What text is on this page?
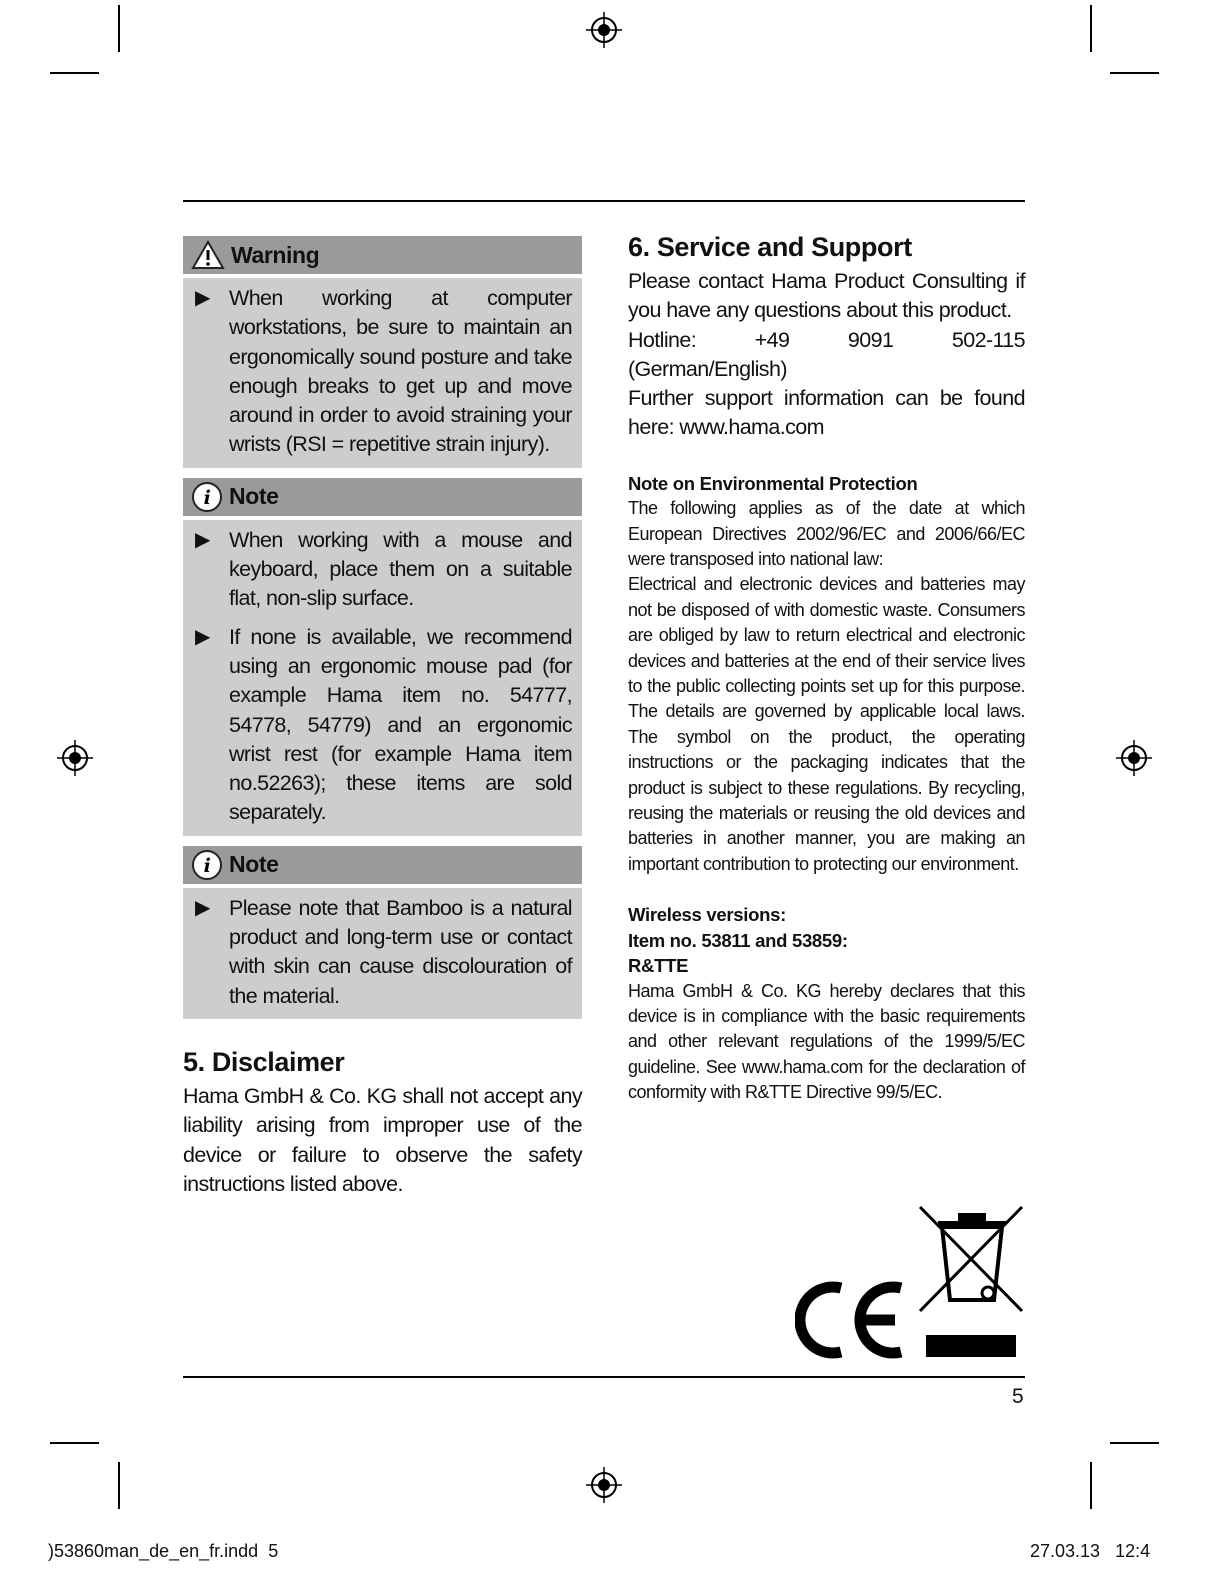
Warning
▶ When working at computer workstations, be sure to maintain an ergonomically sound posture and take enough breaks to get up and move around in order to avoid straining your wrists (RSI = repetitive strain injury).
i Note
▶ When working with a mouse and keyboard, place them on a suitable flat, non-slip surface.
▶ If none is available, we recommend using an ergonomic mouse pad (for example Hama item no. 54777, 54778, 54779) and an ergonomic wrist rest (for example Hama item no.52263); these items are sold separately.
i Note
▶ Please note that Bamboo is a natural product and long-term use or contact with skin can cause discolouration of the material.
5. Disclaimer
Hama GmbH & Co. KG shall not accept any liability arising from improper use of the device or failure to observe the safety instructions listed above.
6. Service and Support
Please contact Hama Product Consulting if you have any questions about this product.
Hotline: +49 9091 502-115 (German/English)
Further support information can be found here: www.hama.com
Note on Environmental Protection
The following applies as of the date at which European Directives 2002/96/EC and 2006/66/EC were transposed into national law:
Electrical and electronic devices and batteries may not be disposed of with domestic waste. Consumers are obliged by law to return electrical and electronic devices and batteries at the end of their service lives to the public collecting points set up for this purpose. The details are governed by applicable local laws. The symbol on the product, the operating instructions or the packaging indicates that the product is subject to these regulations. By recycling, reusing the materials or reusing the old devices and batteries in another manner, you are making an important contribution to protecting our environment.
Wireless versions:
Item no. 53811 and 53859:
R&TTE
Hama GmbH & Co. KG hereby declares that this device is in compliance with the basic requirements and other relevant regulations of the 1999/5/EC guideline. See www.hama.com for the declaration of conformity with R&TTE Directive 99/5/EC.
5
)53860man_de_en_fr.indd 5	27.03.13 12:4
